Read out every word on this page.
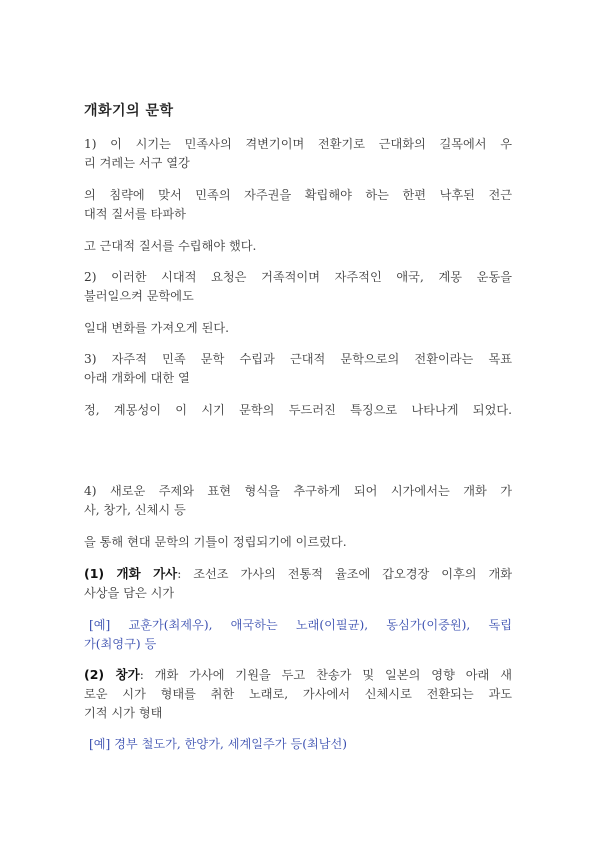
개화기의 문학
1) 이 시기는 민족사의 격변기이며 전환기로 근대화의 길목에서 우
리 겨레는 서구 열강
의 침략에 맞서 민족의 자주권을 확립해야 하는 한편 낙후된 전근
대적 질서를 타파하
고 근대적 질서를 수립해야 했다.
2) 이러한 시대적 요청은 거족적이며 자주적인 애국, 계몽 운동을
불러일으켜 문학에도
일대 변화를 가져오게 된다.
3) 자주적 민족 문학 수립과 근대적 문학으로의 전환이라는 목표
아래 개화에 대한 열
정, 계몽성이 이 시기 문학의 두드러진 특징으로 나타나게 되었다.
4) 새로운 주제와 표현 형식을 추구하게 되어 시가에서는 개화 가
사, 창가, 신체시 등
을 통해 현대 문학의 기틀이 정립되기에 이르렀다.
(1) 개화 가사: 조선조 가사의 전통적 율조에 갑오경장 이후의 개화
사상을 담은 시가
[예] 교훈가(최제우), 애국하는 노래(이필균), 동심가(이중원), 독립
가(최영구) 등
(2) 창가: 개화 가사에 기원을 두고 찬송가 및 일본의 영향 아래 새
로운 시가 형태를 취한 노래로, 가사에서 신체시로 전환되는 과도
기적 시가 형태
[예] 경부 철도가, 한양가, 세계일주가 등(최남선)
